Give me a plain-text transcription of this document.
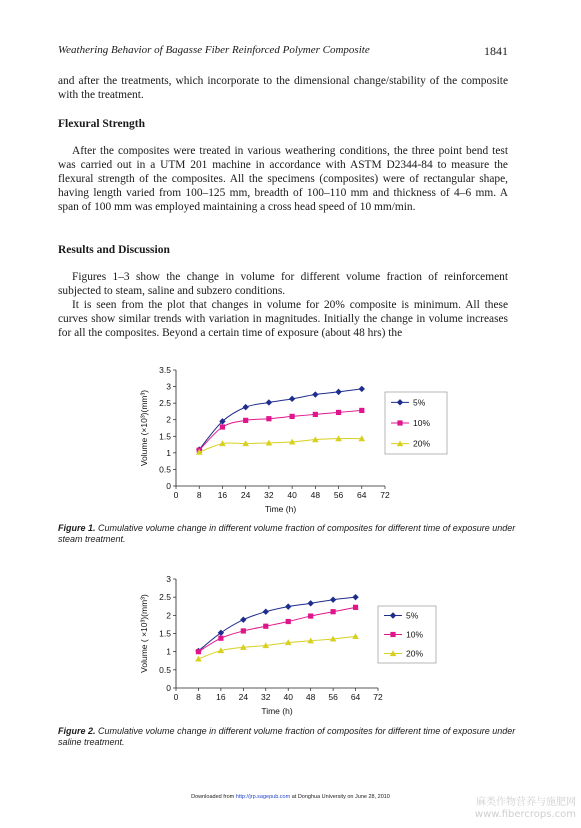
Weathering Behavior of Bagasse Fiber Reinforced Polymer Composite	1841

and after the treatments, which incorporate to the dimensional change/stability of the composite with the treatment.

Flexural Strength

After the composites were treated in various weathering conditions, the three point bend test was carried out in a UTM 201 machine in accordance with ASTM D2344-84 to measure the flexural strength of the composites. All the specimens (composites) were of rectangular shape, having length varied from 100–125 mm, breadth of 100–110 mm and thickness of 4–6 mm. A span of 100 mm was employed maintaining a cross head speed of 10 mm/min.

Results and Discussion

Figures 1–3 show the change in volume for different volume fraction of reinforcement subjected to steam, saline and subzero conditions.

It is seen from the plot that changes in volume for 20% composite is minimum. All these curves show similar trends with variation in magnitudes. Initially the change in volume increases for all the composites. Beyond a certain time of exposure (about 48 hrs) the

0
0.5
1
1.5
2
2.5
3
3.5
0 8 16 24 32 40 48 56 64 72
Time (h)
Volume (×10³)(mm³)	5%
10%
20%

Figure 1. Cumulative volume change in different volume fraction of composites for different time of exposure under steam treatment.

0
0.5
1
1.5
2
2.5
3
0 8 16 24 32 40 48 56 64 72
Time (h)
Volume ( ×10³)(mm³)	5%
10%
20%

Figure 2. Cumulative volume change in different volume fraction of composites for different time of exposure under saline treatment.

Downloaded from http://jrp.sagepub.com at Donghua University on June 28, 2010	麻类作物营养与施肥网
www.fibercrops.com
